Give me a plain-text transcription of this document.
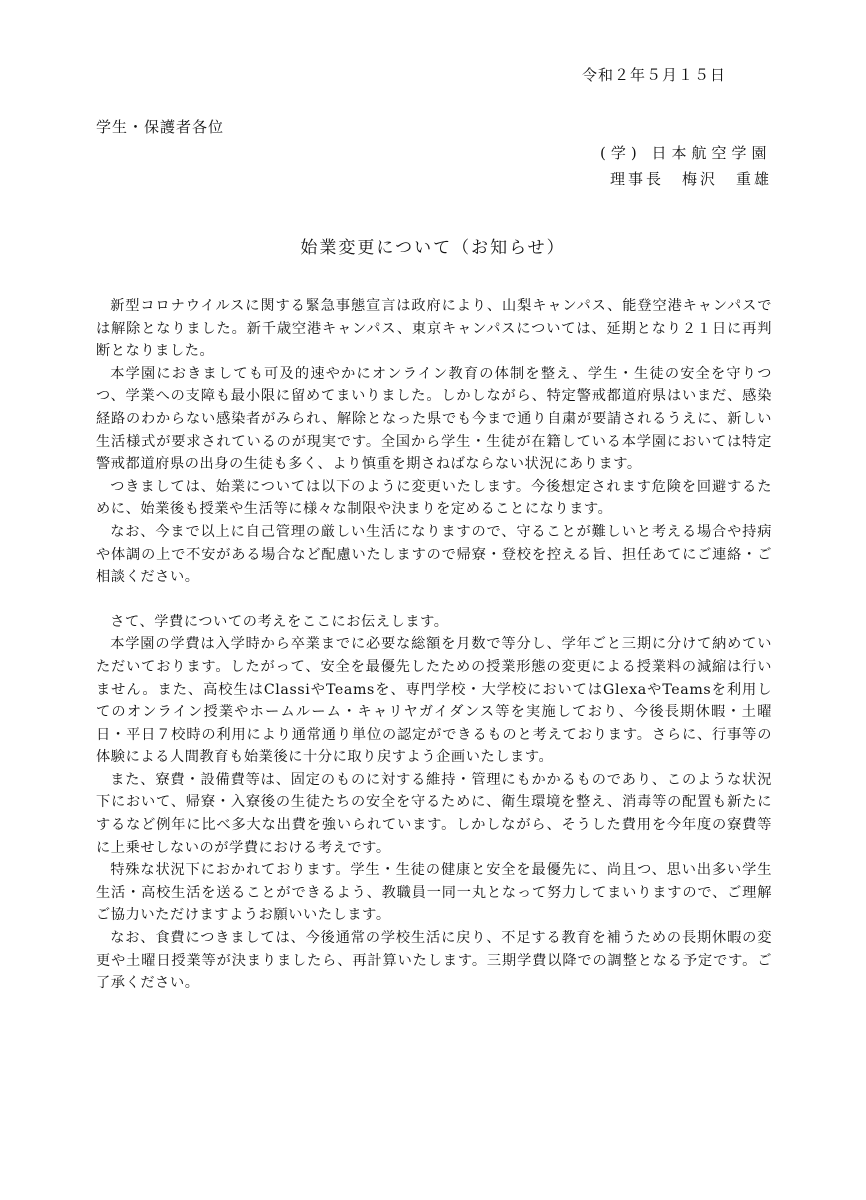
令和２年５月１５日
学生・保護者各位
(学) 日本航空学園
理事長　梅沢　重雄
始業変更について（お知らせ）

新型コロナウイルスに関する緊急事態宣言は政府により、山梨キャンパス、能登空港キャンパスでは解除となりました。新千歳空港キャンパス、東京キャンパスについては、延期となり２１日に再判断となりました。

本学園におきましても可及的速やかにオンライン教育の体制を整え、学生・生徒の安全を守りつつ、学業への支障も最小限に留めてまいりました。しかしながら、特定警戒都道府県はいまだ、感染経路のわからない感染者がみられ、解除となった県でも今まで通り自粛が要請されるうえに、新しい生活様式が要求されているのが現実です。全国から学生・生徒が在籍している本学園においては特定警戒都道府県の出身の生徒も多く、より慎重を期さねばならない状況にあります。

つきましては、始業については以下のように変更いたします。今後想定されます危険を回避するために、始業後も授業や生活等に様々な制限や決まりを定めることになります。

なお、今まで以上に自己管理の厳しい生活になりますので、守ることが難しいと考える場合や持病や体調の上で不安がある場合など配慮いたしますので帰寮・登校を控える旨、担任あてにご連絡・ご相談ください。

さて、学費についての考えをここにお伝えします。

本学園の学費は入学時から卒業までに必要な総額を月数で等分し、学年ごと三期に分けて納めていただいております。したがって、安全を最優先したための授業形態の変更による授業料の減縮は行いません。また、高校生はClassiやTeamsを、専門学校・大学校においてはGlexaやTeamsを利用してのオンライン授業やホームルーム・キャリヤガイダンス等を実施しており、今後長期休暇・土曜日・平日７校時の利用により通常通り単位の認定ができるものと考えております。さらに、行事等の体験による人間教育も始業後に十分に取り戻すよう企画いたします。

また、寮費・設備費等は、固定のものに対する維持・管理にもかかるものであり、このような状況下において、帰寮・入寮後の生徒たちの安全を守るために、衛生環境を整え、消毒等の配置も新たにするなど例年に比べ多大な出費を強いられています。しかしながら、そうした費用を今年度の寮費等に上乗せしないのが学費における考えです。

特殊な状況下におかれております。学生・生徒の健康と安全を最優先に、尚且つ、思い出多い学生生活・高校生活を送ることができるよう、教職員一同一丸となって努力してまいりますので、ご理解ご協力いただけますようお願いいたします。

なお、食費につきましては、今後通常の学校生活に戻り、不足する教育を補うための長期休暇の変更や土曜日授業等が決まりましたら、再計算いたします。三期学費以降での調整となる予定です。ご了承ください。
